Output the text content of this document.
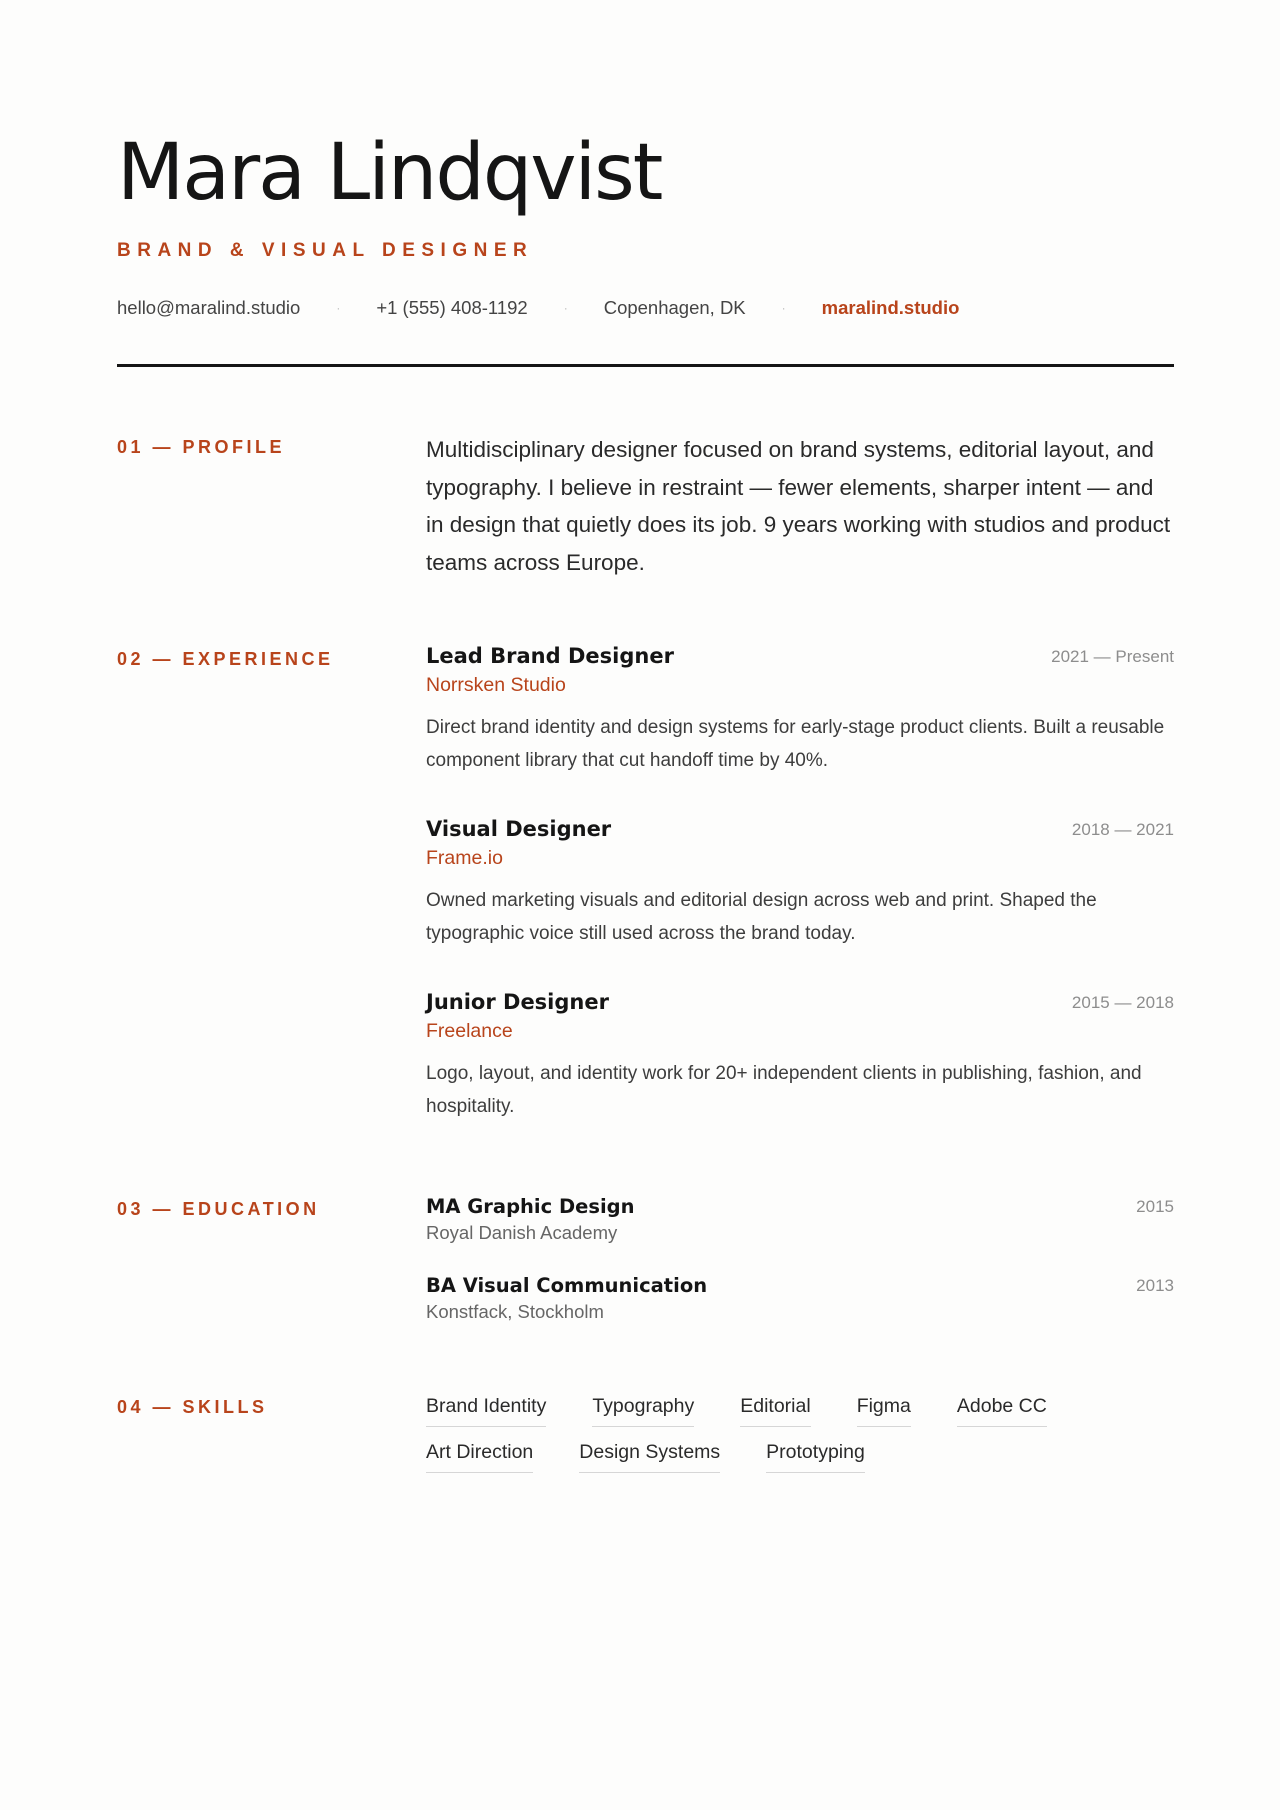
Mara Lindqvist
BRAND & VISUAL DESIGNER
hello@maralind.studio	· +1 (555) 408-1192	· Copenhagen, DK	· maralind.studio
01 — PROFILE	Multidisciplinary designer focused on brand systems, editorial layout, and typography. I believe in restraint — fewer elements, sharper intent — and in design that quietly does its job. 9 years working with studios and product teams across Europe.

02 — EXPERIENCE	Lead Brand Designer	2021 — Present
Norrsken Studio
Direct brand identity and design systems for early-stage product clients. Built a reusable component library that cut handoff time by 40%.
Visual Designer	2018 — 2021
Frame.io
Owned marketing visuals and editorial design across web and print. Shaped the typographic voice still used across the brand today.
Junior Designer	2015 — 2018
Freelance
Logo, layout, and identity work for 20+ independent clients in publishing, fashion, and hospitality.
03 — EDUCATION	MA Graphic Design	2015
Royal Danish Academy
BA Visual Communication	2013
Konstfack, Stockholm
04 — SKILLS	Brand Identity Typography Editorial Figma Adobe CC
Art Direction Design Systems Prototyping
